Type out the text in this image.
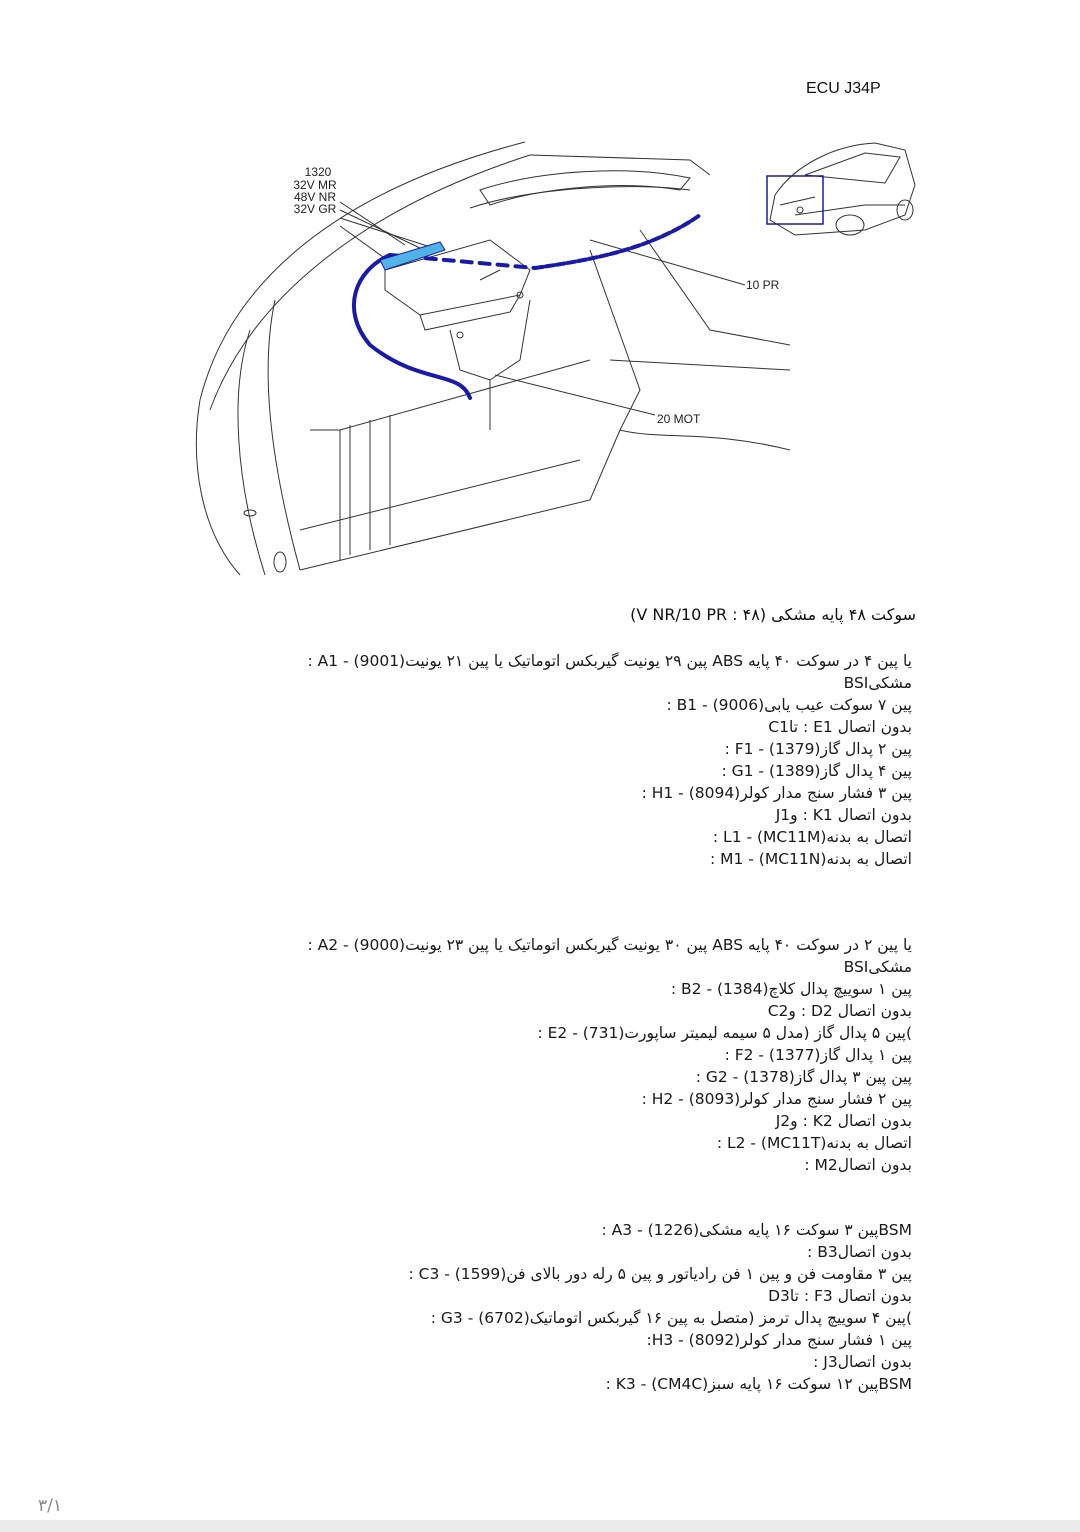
ECU J34P
1320
32V MR
48V NR
32V GR
10 PR
20 MOT
سوکت ۴۸ پایه مشکی (۴۸ : V NR/10 PR)
: A1 - (9001)پین ۲۹ یونیت گیربکس اتوماتیک یا پین ۲۱ یونیت ABS یا پین ۴ در سوکت ۴۰ پایه
مشکیBSI
: B1 - (9006)پین ۷ سوکت عیب یابی
C1تا : E1 بدون اتصال
: F1 - (1379)پین ۲ پدال گاز
: G1 - (1389)پین ۴ پدال گاز
: H1 - (8094)پین ۳ فشار سنج مدار کولر
J1و : K1 بدون اتصال
: L1 - (MC11M)اتصال به بدنه
: M1 - (MC11N)اتصال به بدنه
: A2 - (9000)پین ۳۰ یونیت گیربکس اتوماتیک یا پین ۲۳ یونیت ABS یا پین ۲ در سوکت ۴۰ پایه
مشکیBSI
: B2 - (1384)پین ۱ سوییچ پدال کلاچ
C2و : D2 بدون اتصال
: E2 - (731)پین ۵ پدال گاز (مدل ۵ سیمه لیمیتر ساپورت(
: F2 - (1377)پین ۱ پدال گاز
: G2 - (1378)پین پین ۳ پدال گاز
: H2 - (8093)پین ۲ فشار سنج مدار کولر
J2و : K2 بدون اتصال
: L2 - (MC11T)اتصال به بدنه
: M2بدون اتصال
: A3 - (1226)پین ۳ سوکت ۱۶ پایه مشکیBSM
: B3بدون اتصال
: C3 - (1599)پین ۳ مقاومت فن و پین ۱ فن رادیاتور و پین ۵ رله دور بالای فن
D3تا : F3 بدون اتصال
: G3 - (6702)پین ۴ سوییچ پدال ترمز (متصل به پین ۱۶ گیربکس اتوماتیک(
:H3 - (8092)پین ۱ فشار سنج مدار کولر
: J3بدون اتصال
: K3 - (CM4C)پین ۱۲ سوکت ۱۶ پایه سبزBSM
۳/۱
